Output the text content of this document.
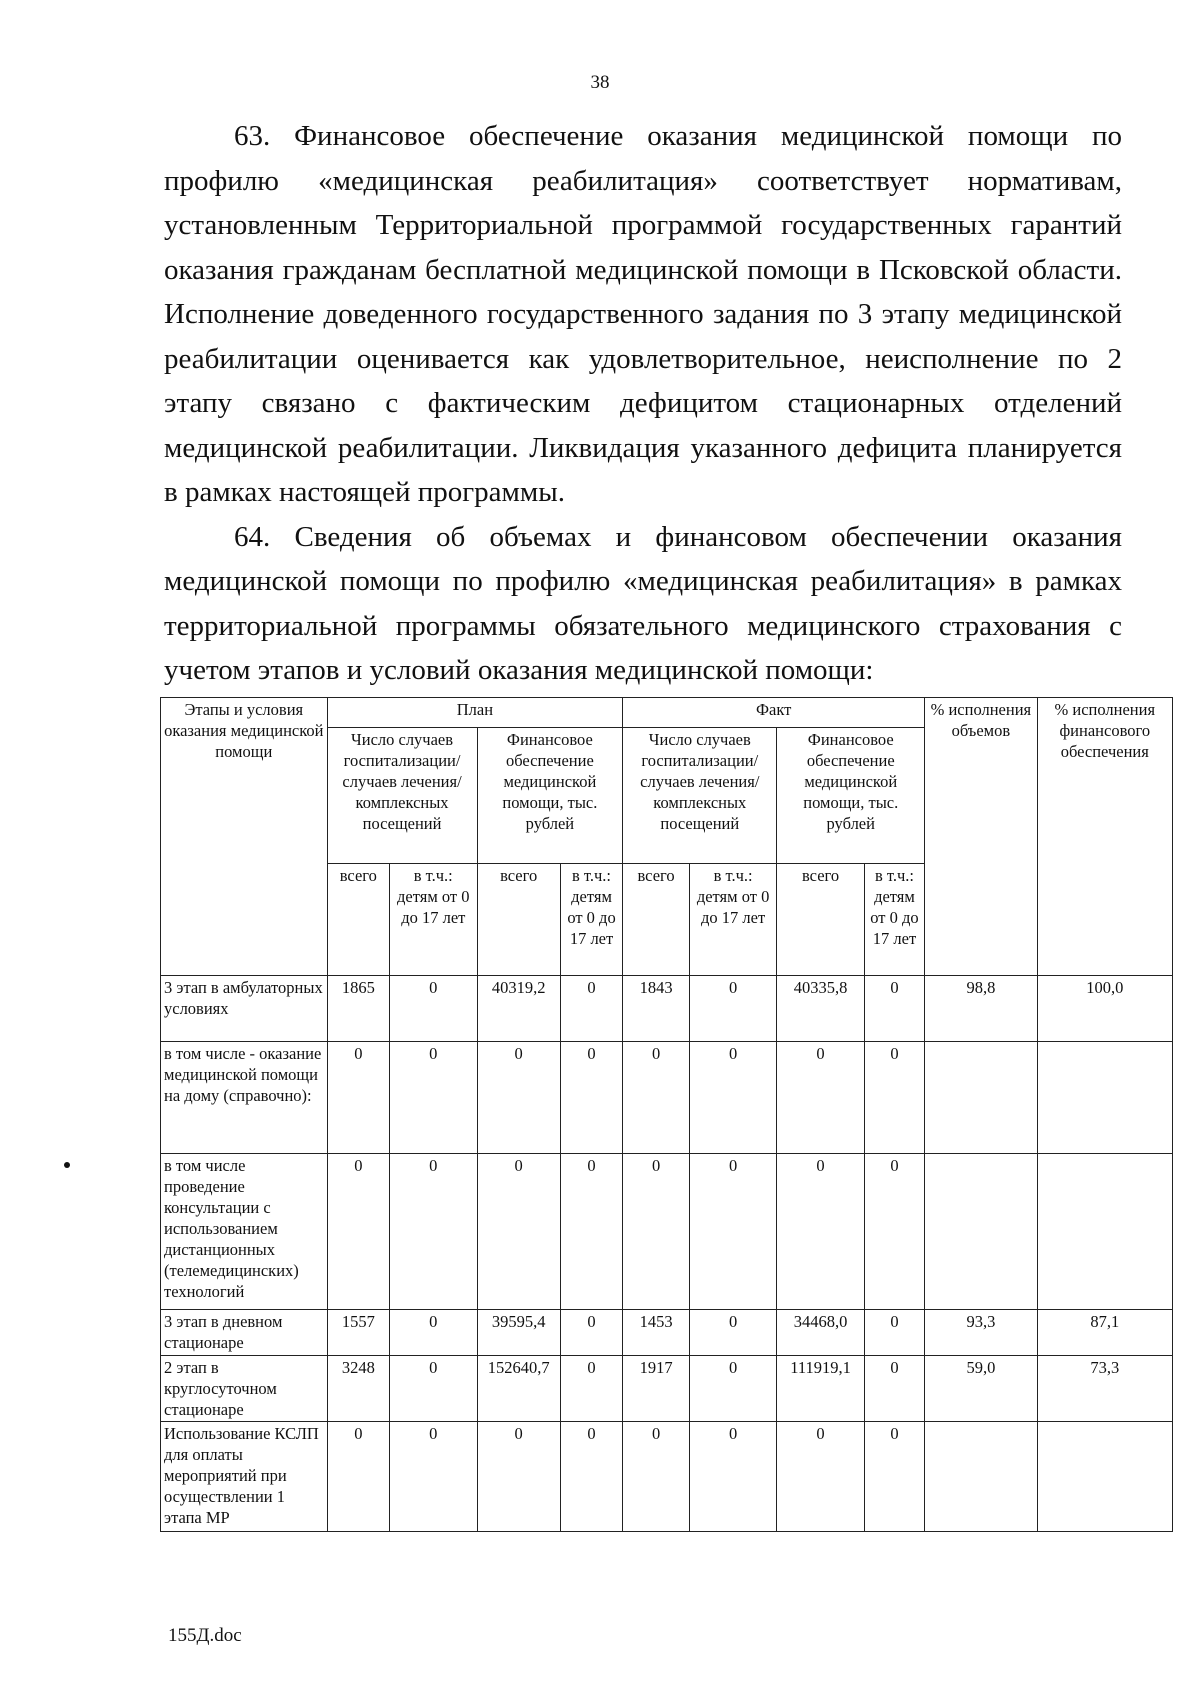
38

63. Финансовое обеспечение оказания медицинской помощи по профилю «медицинская реабилитация» соответствует нормативам, установленным Территориальной программой государственных гарантий оказания гражданам бесплатной медицинской помощи в Псковской области. Исполнение доведенного государственного задания по 3 этапу медицинской реабилитации оценивается как удовлетворительное, неисполнение по 2 этапу связано с фактическим дефицитом стационарных отделений медицинской реабилитации. Ликвидация указанного дефицита планируется в рамках настоящей программы.

64. Сведения об объемах и финансовом обеспечении оказания медицинской помощи по профилю «медицинская реабилитация» в рамках территориальной программы обязательного медицинского страхования с учетом этапов и условий оказания медицинской помощи:

Этапы и условия оказания медицинской помощи	План				Факт				% исполнения объемов	% исполнения финансового обеспечения
	Число случаев госпитализации/ случаев лечения/ комплексных посещений		Финансовое обеспечение медицинской помощи, тыс. рублей		Число случаев госпитализации/ случаев лечения/ комплексных посещений		Финансовое обеспечение медицинской помощи, тыс. рублей			
	всего	в т.ч.: детям от 0 до 17 лет	всего	в т.ч.: детям от 0 до 17 лет	всего	в т.ч.: детям от 0 до 17 лет	всего	в т.ч.: детям от 0 до 17 лет		
3 этап в амбулаторных условиях	1865	0	40319,2	0	1843	0	40335,8	0	98,8	100,0
в том числе - оказание медицинской помощи на дому (справочно):	0	0	0	0	0	0	0	0		
в том числе проведение консультации с использованием дистанционных (телемедицинских) технологий	0	0	0	0	0	0	0	0		
3 этап в дневном стационаре	1557	0	39595,4	0	1453	0	34468,0	0	93,3	87,1
2 этап в круглосуточном стационаре	3248	0	152640,7	0	1917	0	111919,1	0	59,0	73,3
Использование КСЛП для оплаты мероприятий при осуществлении 1 этапа МР	0	0	0	0	0	0	0	0		
155Д.doc
